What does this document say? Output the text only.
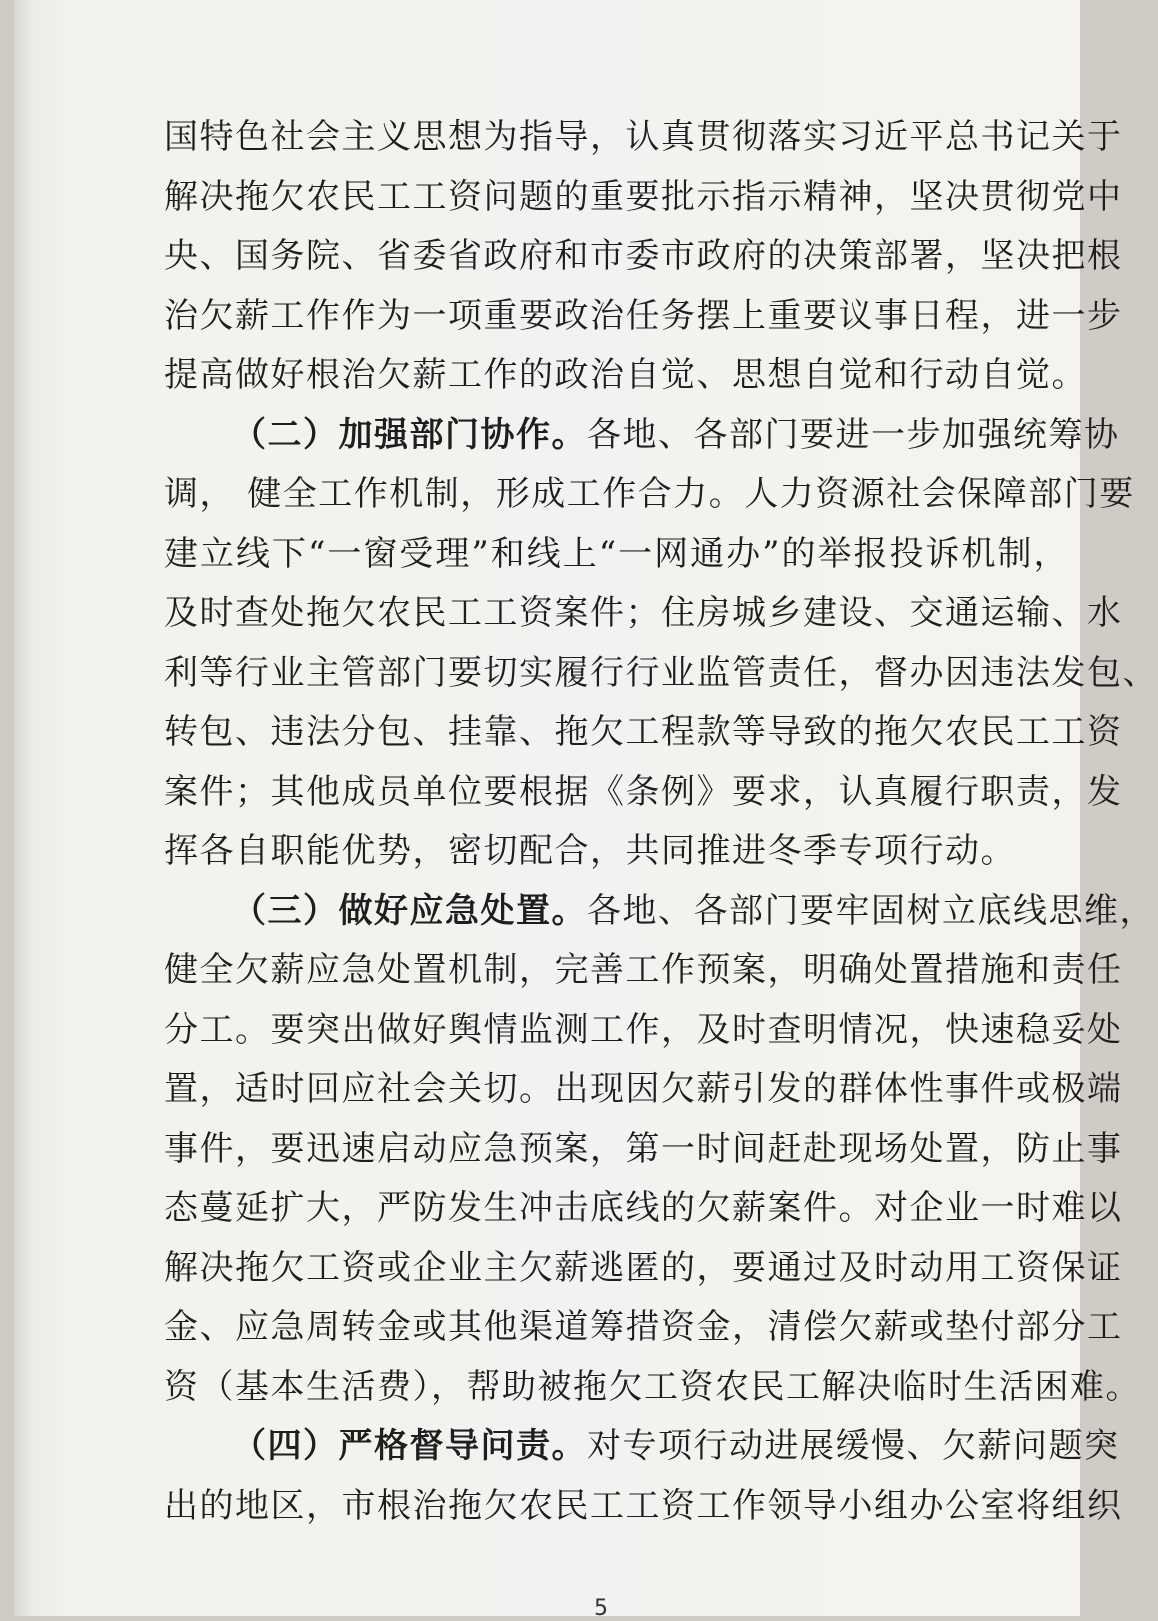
国特色社会主义思想为指导，认真贯彻落实习近平总书记关于
解决拖欠农民工工资问题的重要批示指示精神，坚决贯彻党中
央、国务院、省委省政府和市委市政府的决策部署，坚决把根
治欠薪工作作为一项重要政治任务摆上重要议事日程，进一步
提高做好根治欠薪工作的政治自觉、思想自觉和行动自觉。
（二）加强部门协作。各地、各部门要进一步加强统筹协
调， 健全工作机制，形成工作合力。人力资源社会保障部门要
建立线下“一窗受理”和线上“一网通办”的举报投诉机制，
及时查处拖欠农民工工资案件；住房城乡建设、交通运输、水
利等行业主管部门要切实履行行业监管责任，督办因违法发包、
转包、违法分包、挂靠、拖欠工程款等导致的拖欠农民工工资
案件；其他成员单位要根据《条例》要求，认真履行职责，发
挥各自职能优势，密切配合，共同推进冬季专项行动。
（三）做好应急处置。各地、各部门要牢固树立底线思维，
健全欠薪应急处置机制，完善工作预案，明确处置措施和责任
分工。要突出做好舆情监测工作，及时查明情况，快速稳妥处
置，适时回应社会关切。出现因欠薪引发的群体性事件或极端
事件，要迅速启动应急预案，第一时间赶赴现场处置，防止事
态蔓延扩大，严防发生冲击底线的欠薪案件。对企业一时难以
解决拖欠工资或企业主欠薪逃匿的，要通过及时动用工资保证
金、应急周转金或其他渠道筹措资金，清偿欠薪或垫付部分工
资（基本生活费），帮助被拖欠工资农民工解决临时生活困难。
（四）严格督导问责。对专项行动进展缓慢、欠薪问题突
出的地区，市根治拖欠农民工工资工作领导小组办公室将组织
5
